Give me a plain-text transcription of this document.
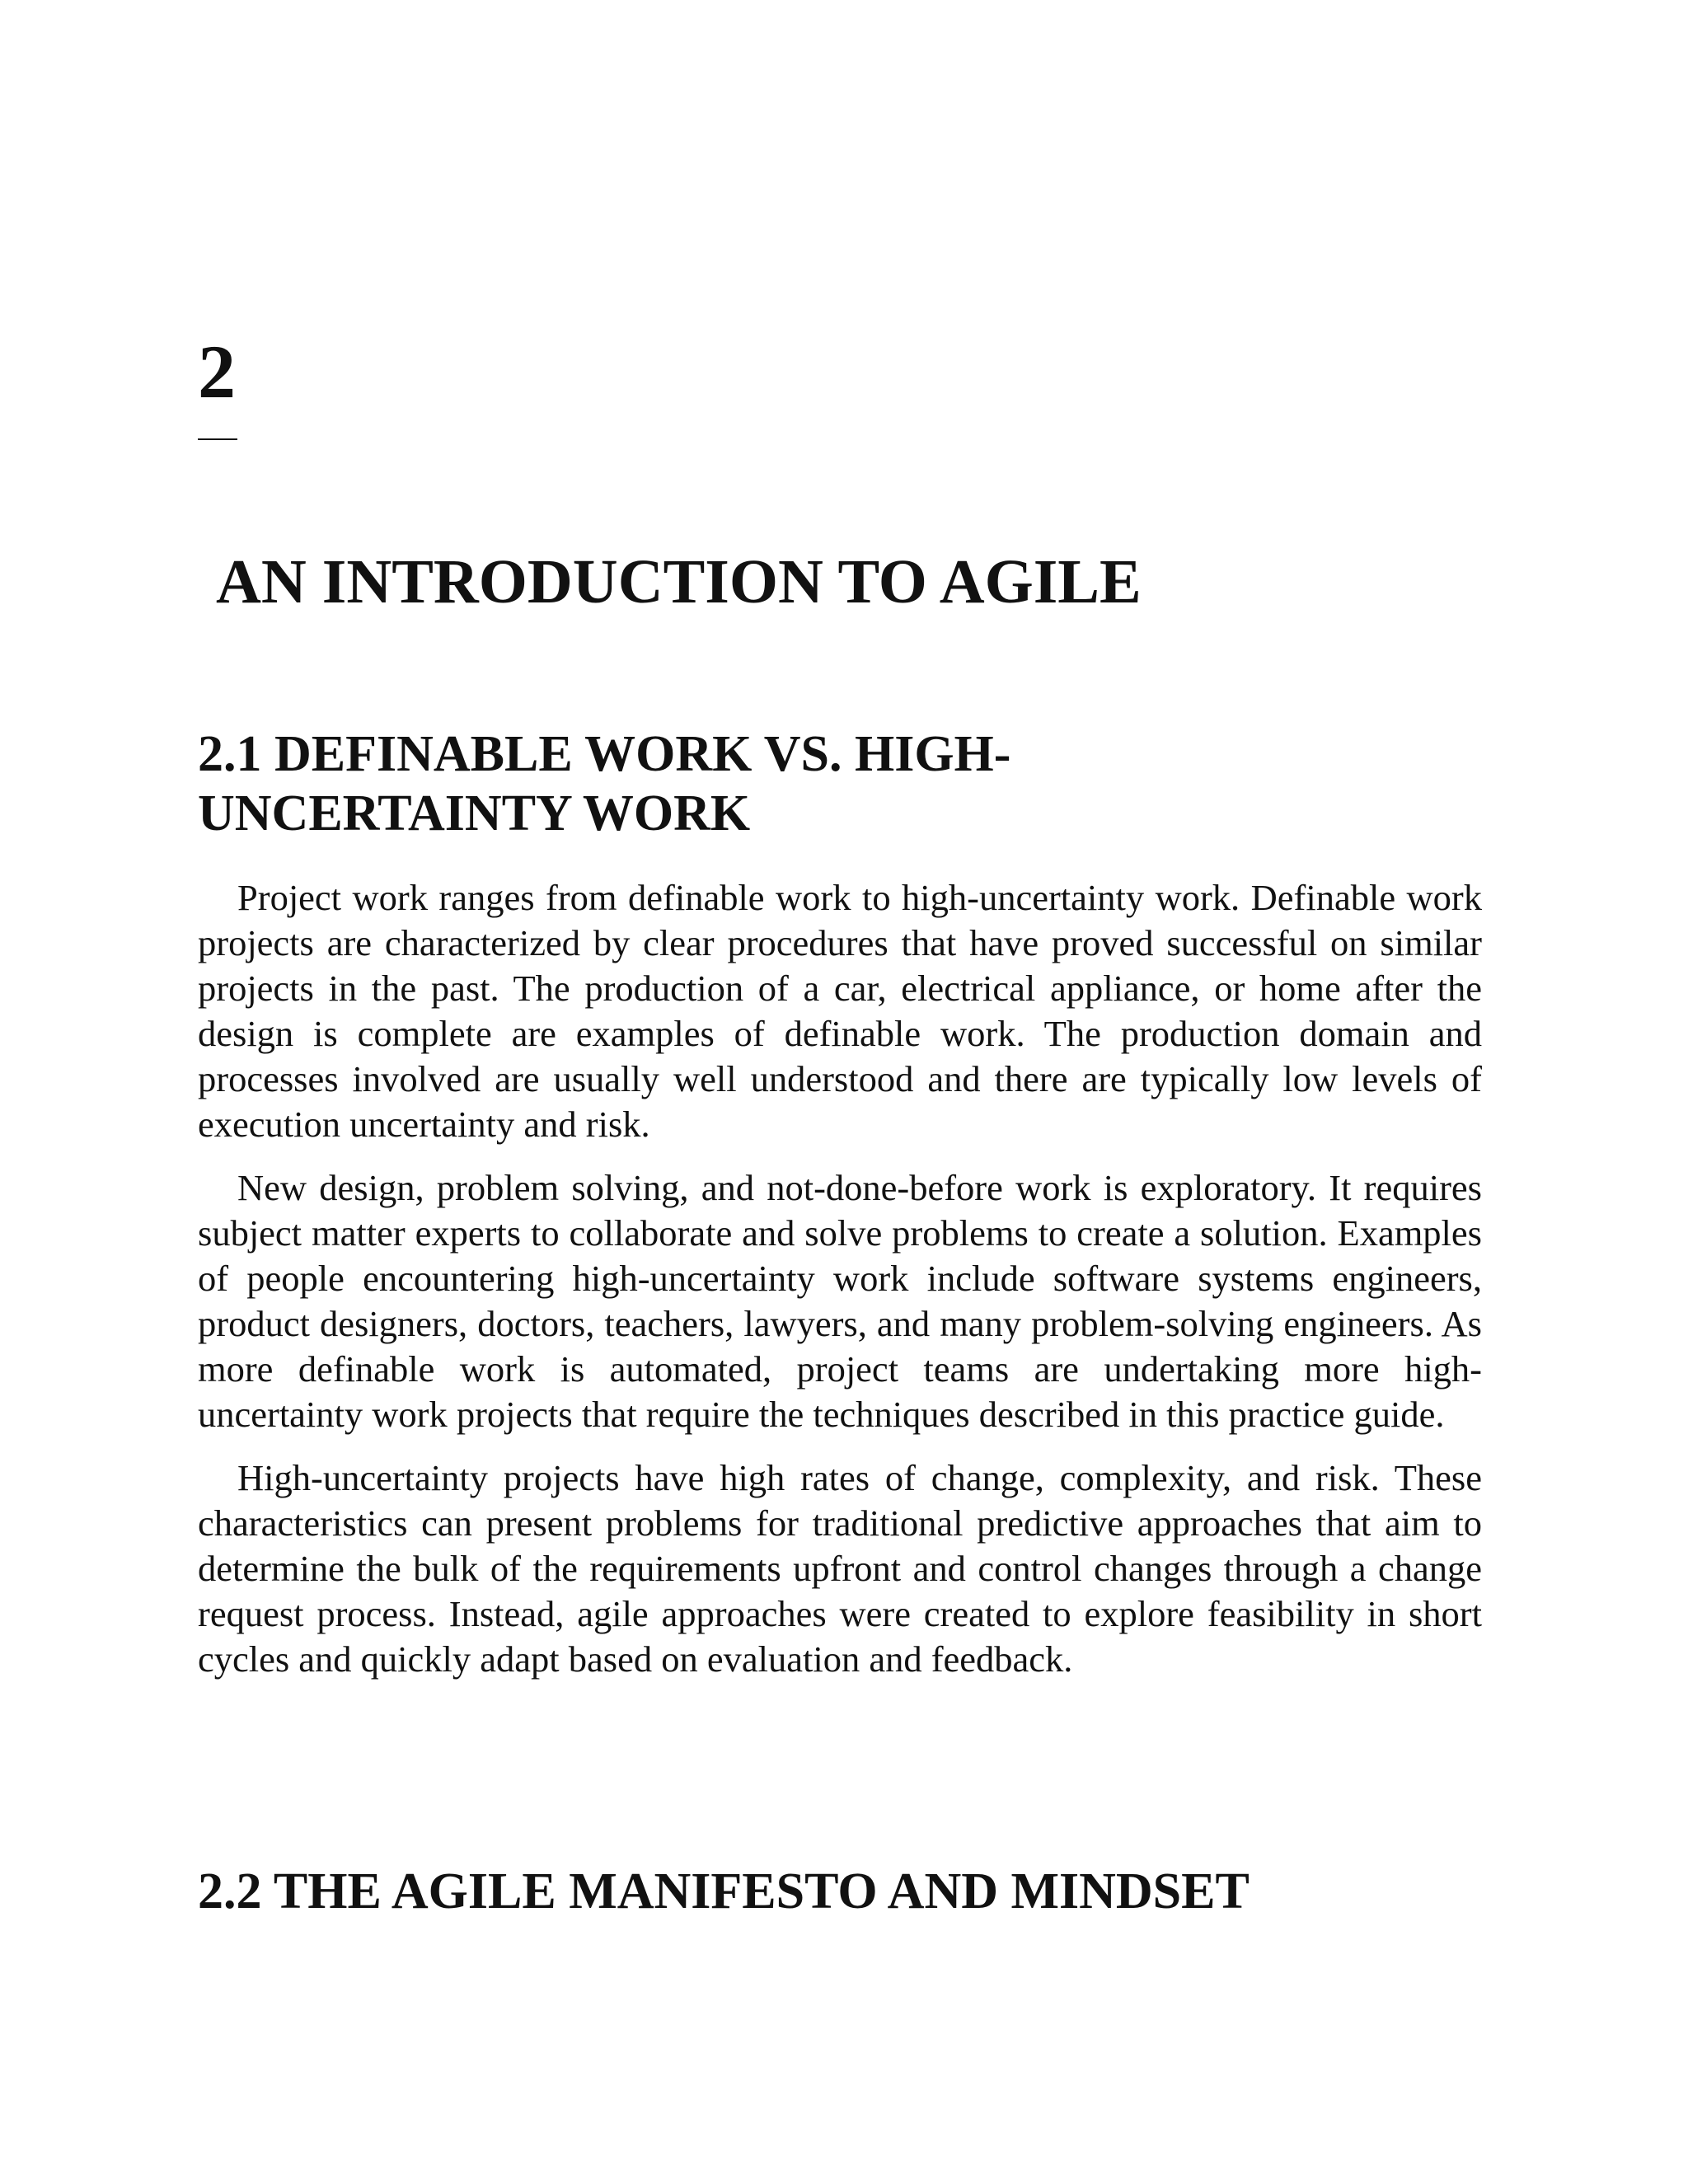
2
AN INTRODUCTION TO AGILE
2.1 DEFINABLE WORK VS. HIGH-UNCERTAINTY WORK

Project work ranges from definable work to high-uncertainty work. Definable work projects are characterized by clear procedures that have proved successful on similar projects in the past. The production of a car, electrical appliance, or home after the design is complete are examples of definable work. The production domain and processes involved are usually well understood and there are typically low levels of execution uncertainty and risk.

New design, problem solving, and not-done-before work is exploratory. It requires subject matter experts to collaborate and solve problems to create a solution. Examples of people encountering high-uncertainty work include software systems engineers, product designers, doctors, teachers, lawyers, and many problem-solving engineers. As more definable work is automated, project teams are undertaking more high-uncertainty work projects that require the techniques described in this practice guide.

High-uncertainty projects have high rates of change, complexity, and risk. These characteristics can present problems for traditional predictive approaches that aim to determine the bulk of the requirements upfront and control changes through a change request process. Instead, agile approaches were created to explore feasibility in short cycles and quickly adapt based on evaluation and feedback.

2.2 THE AGILE MANIFESTO AND MINDSET
